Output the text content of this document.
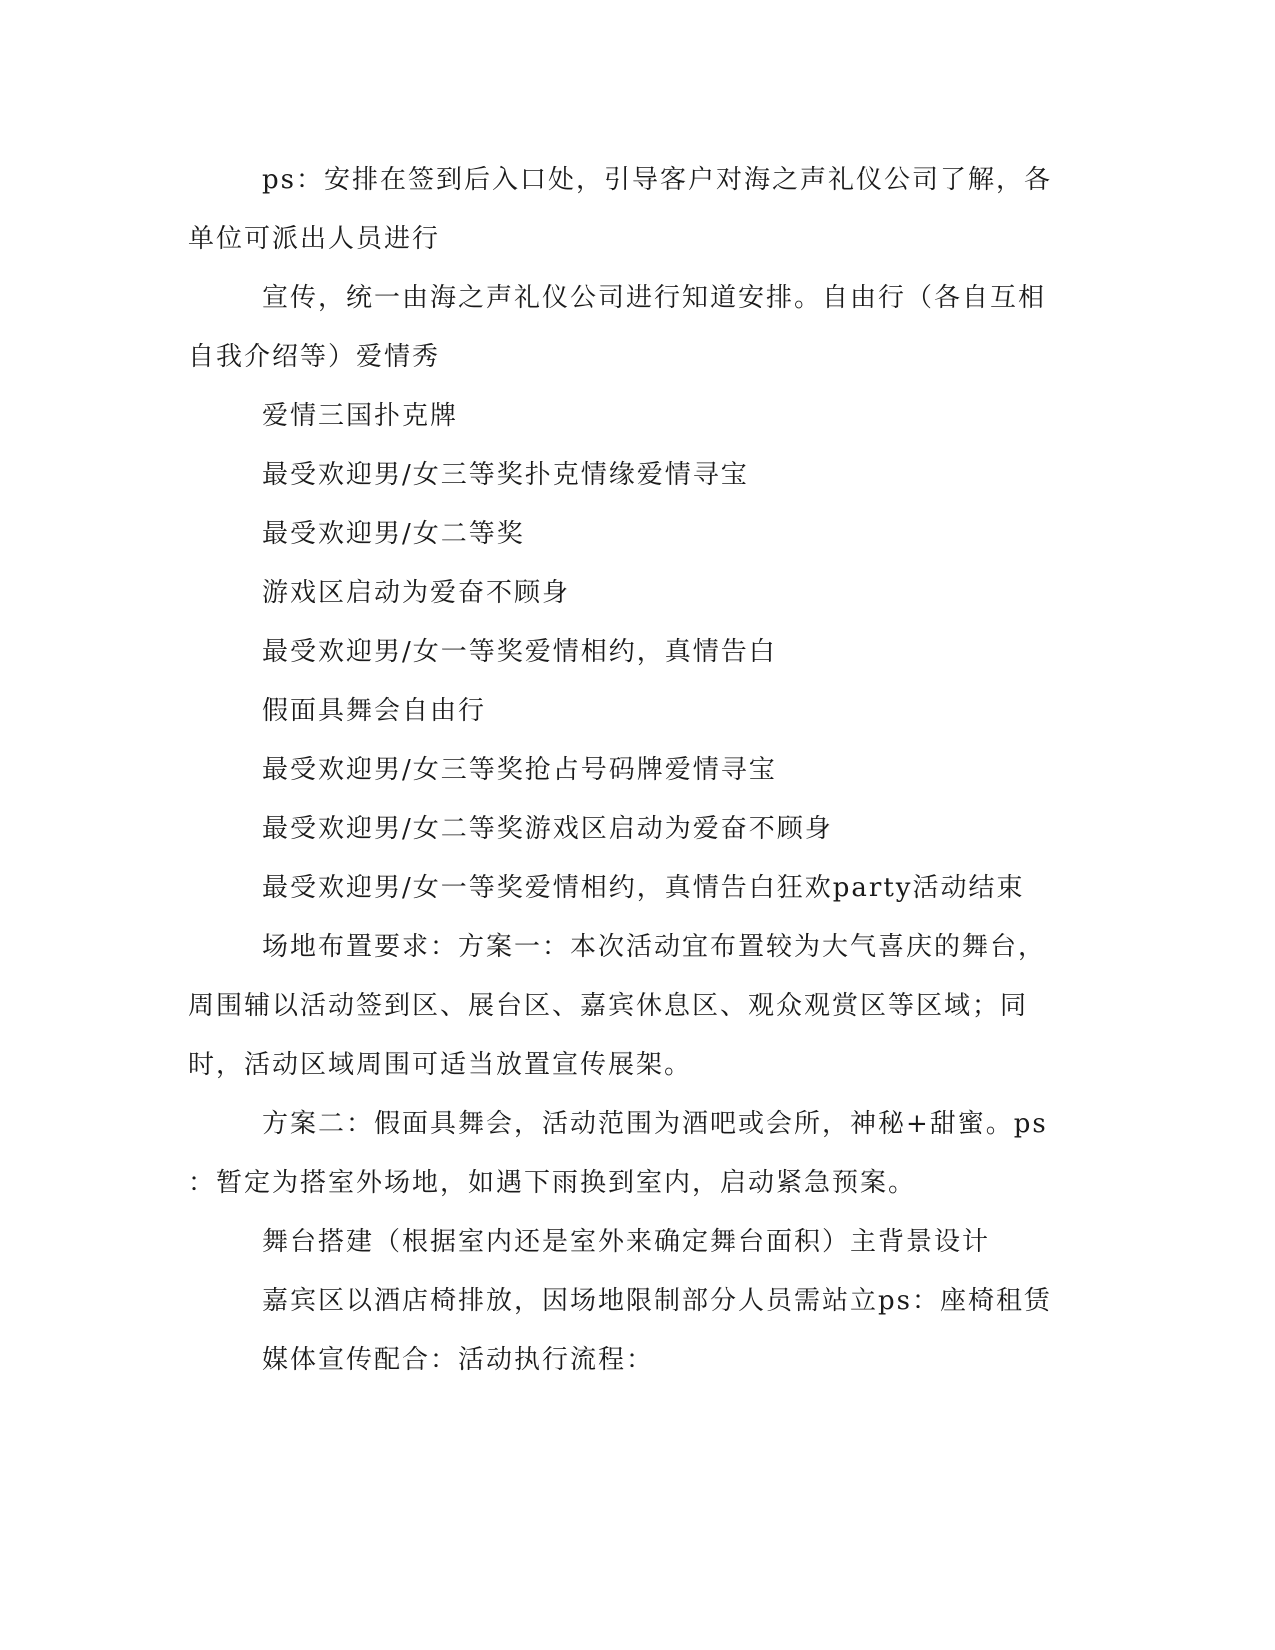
ps：安排在签到后入口处，引导客户对海之声礼仪公司了解，各
单位可派出人员进行
宣传，统一由海之声礼仪公司进行知道安排。自由行（各自互相
自我介绍等）爱情秀
爱情三国扑克牌
最受欢迎男/女三等奖扑克情缘爱情寻宝
最受欢迎男/女二等奖
游戏区启动为爱奋不顾身
最受欢迎男/女一等奖爱情相约，真情告白
假面具舞会自由行
最受欢迎男/女三等奖抢占号码牌爱情寻宝
最受欢迎男/女二等奖游戏区启动为爱奋不顾身
最受欢迎男/女一等奖爱情相约，真情告白狂欢party活动结束
场地布置要求：方案一：本次活动宜布置较为大气喜庆的舞台，
周围辅以活动签到区、展台区、嘉宾休息区、观众观赏区等区域；同
时，活动区域周围可适当放置宣传展架。
方案二：假面具舞会，活动范围为酒吧或会所，神秘+甜蜜。ps
：暂定为搭室外场地，如遇下雨换到室内，启动紧急预案。
舞台搭建（根据室内还是室外来确定舞台面积）主背景设计
嘉宾区以酒店椅排放，因场地限制部分人员需站立ps：座椅租赁
媒体宣传配合：活动执行流程：
